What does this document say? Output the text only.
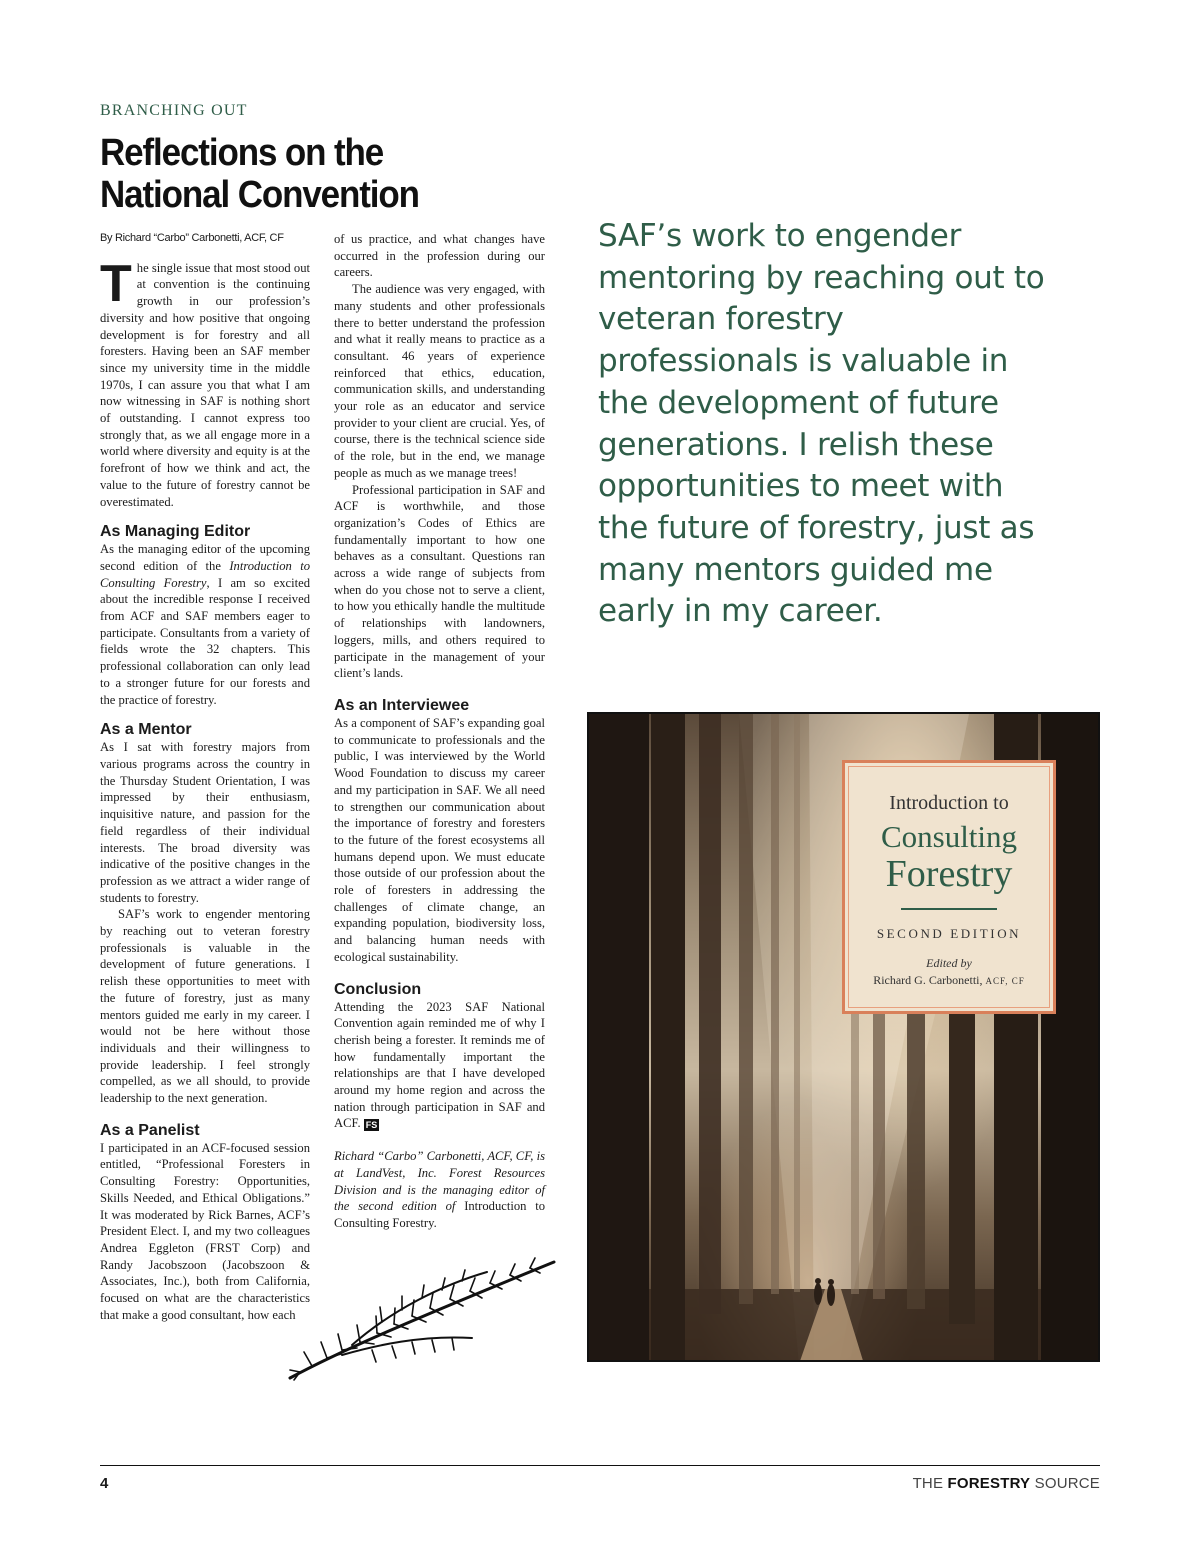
BRANCHING OUT
Reflections on the
National Convention
By Richard “Carbo” Carbonetti, ACF, CF

The single issue that most stood out at convention is the continuing growth in our profession’s diversity and how positive that ongoing development is for forestry and all foresters. Having been an SAF member since my university time in the middle 1970s, I can assure you that what I am now witnessing in SAF is nothing short of outstanding. I cannot express too strongly that, as we all engage more in a world where diversity and equity is at the forefront of how we think and act, the value to the future of forestry cannot be overestimated.

As Managing Editor

As the managing editor of the upcoming second edition of the Introduction to Consulting Forestry, I am so excited about the incredible response I received from ACF and SAF members eager to participate. Consultants from a variety of fields wrote the 32 chapters. This professional collaboration can only lead to a stronger future for our forests and the practice of forestry.

As a Mentor

As I sat with forestry majors from various programs across the country in the Thursday Student Orientation, I was impressed by their enthusiasm, inquisitive nature, and passion for the field regardless of their individual interests. The broad diversity was indicative of the positive changes in the profession as we attract a wider range of students to forestry.

SAF’s work to engender mentoring by reaching out to veteran forestry professionals is valuable in the development of future generations. I relish these opportunities to meet with the future of forestry, just as many mentors guided me early in my career. I would not be here without those individuals and their willingness to provide leadership. I feel strongly compelled, as we all should, to provide leadership to the next generation.

As a Panelist

I participated in an ACF-focused session entitled, “Professional Foresters in Consulting Forestry: Opportunities, Skills Needed, and Ethical Obligations.” It was moderated by Rick Barnes, ACF’s President Elect. I, and my two colleagues Andrea Eggleton (FRST Corp) and Randy Jacobszoon (Jacobszoon & Associates, Inc.), both from California, focused on what are the characteristics that make a good consultant, how each

of us practice, and what changes have occurred in the profession during our careers.

The audience was very engaged, with many students and other professionals there to better understand the profession and what it really means to practice as a consultant. 46 years of experience reinforced that ethics, education, communication skills, and understanding your role as an educator and service provider to your client are crucial. Yes, of course, there is the technical science side of the role, but in the end, we manage people as much as we manage trees!

Professional participation in SAF and ACF is worthwhile, and those organization’s Codes of Ethics are fundamentally important to how one behaves as a consultant. Questions ran across a wide range of subjects from when do you chose not to serve a client, to how you ethically handle the multitude of relationships with landowners, loggers, mills, and others required to participate in the management of your client’s lands.

As an Interviewee

As a component of SAF’s expanding goal to communicate to professionals and the public, I was interviewed by the World Wood Foundation to discuss my career and my participation in SAF. We all need to strengthen our communication about the importance of forestry and foresters to the future of the forest ecosystems all humans depend upon. We must educate those outside of our profession about the role of foresters in addressing the challenges of climate change, an expanding population, biodiversity loss, and balancing human needs with ecological sustainability.

Conclusion

Attending the 2023 SAF National Convention again reminded me of why I cherish being a forester. It reminds me of how fundamentally important the relationships are that I have developed around my home region and across the nation through participation in SAF and ACF. FS

Richard “Carbo” Carbonetti, ACF, CF, is at LandVest, Inc. Forest Resources Division and is the managing editor of the second edition of Introduction to Consulting Forestry.

SAF’s work to engender mentoring by reaching out to veteran forestry professionals is valuable in the development of future generations. I relish these opportunities to meet with the future of forestry, just as many mentors guided me early in my career.
Introduction to
Consulting
Forestry
SECOND EDITION
Edited by
Richard G. Carbonetti, ACF, CF
4	THE FORESTRY SOURCE
